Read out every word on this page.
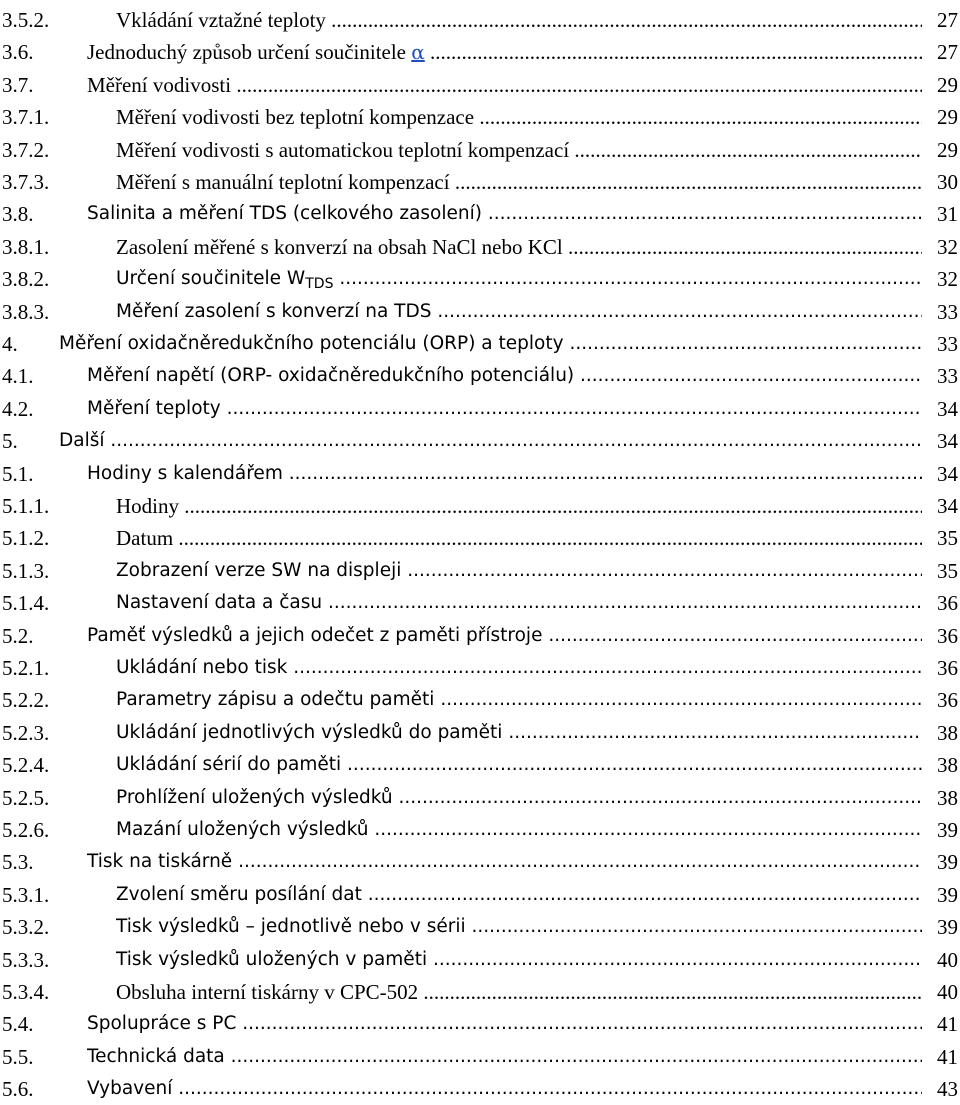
3.5.2.	Vkládání vztažné teploty .....	27
3.6.	Jednoduchý způsob určení součinitele α .....	27
3.7.	Měření vodivosti .....	29
3.7.1.	Měření vodivosti bez teplotní kompenzace .....	29
3.7.2.	Měření vodivosti s automatickou teplotní kompenzací .....	29
3.7.3.	Měření s manuální teplotní kompenzací .....	30
3.8.	Salinita a měření TDS (celkového zasolení) .....	31
3.8.1.	Zasolení měřené s konverzí na obsah NaCl nebo KCl .....	32
3.8.2.	Určení součinitele $W_{TDS}$ .....	32
3.8.3.	Měření zasolení s konverzí na TDS .....	33
4. Měření oxidačněredukčního potenciálu (ORP) a teploty .....	33
4.1.	Měření napětí (ORP- oxidačněredukčního potenciálu) .....	33
4.2.	Měření teploty .....	34
5. Další .....	34
5.1.	Hodiny s kalendářem .....	34
5.1.1.	Hodiny .....	34
5.1.2.	Datum .....	35
5.1.3.	Zobrazení verze SW na displeji .....	35
5.1.4.	Nastavení data a času .....	36
5.2.	Paměť výsledků a jejich odečet z paměti přístroje .....	36
5.2.1.	Ukládání nebo tisk .....	36
5.2.2.	Parametry zápisu a odečtu paměti .....	36
5.2.3.	Ukládání jednotlivých výsledků do paměti .....	38
5.2.4.	Ukládání sérií do paměti .....	38
5.2.5.	Prohlížení uložených výsledků .....	38
5.2.6.	Mazání uložených výsledků .....	39
5.3.	Tisk na tiskárně .....	39
5.3.1.	Zvolení směru posílání dat .....	39
5.3.2.	Tisk výsledků – jednotlivě nebo v sérii .....	39
5.3.3.	Tisk výsledků uložených v paměti .....	40
5.3.4.	Obsluha interní tiskárny v CPC-502 .....	40
5.4.	Spolupráce s PC .....	41
5.5.	Technická data .....	41
5.6.	Vybavení .....	43
